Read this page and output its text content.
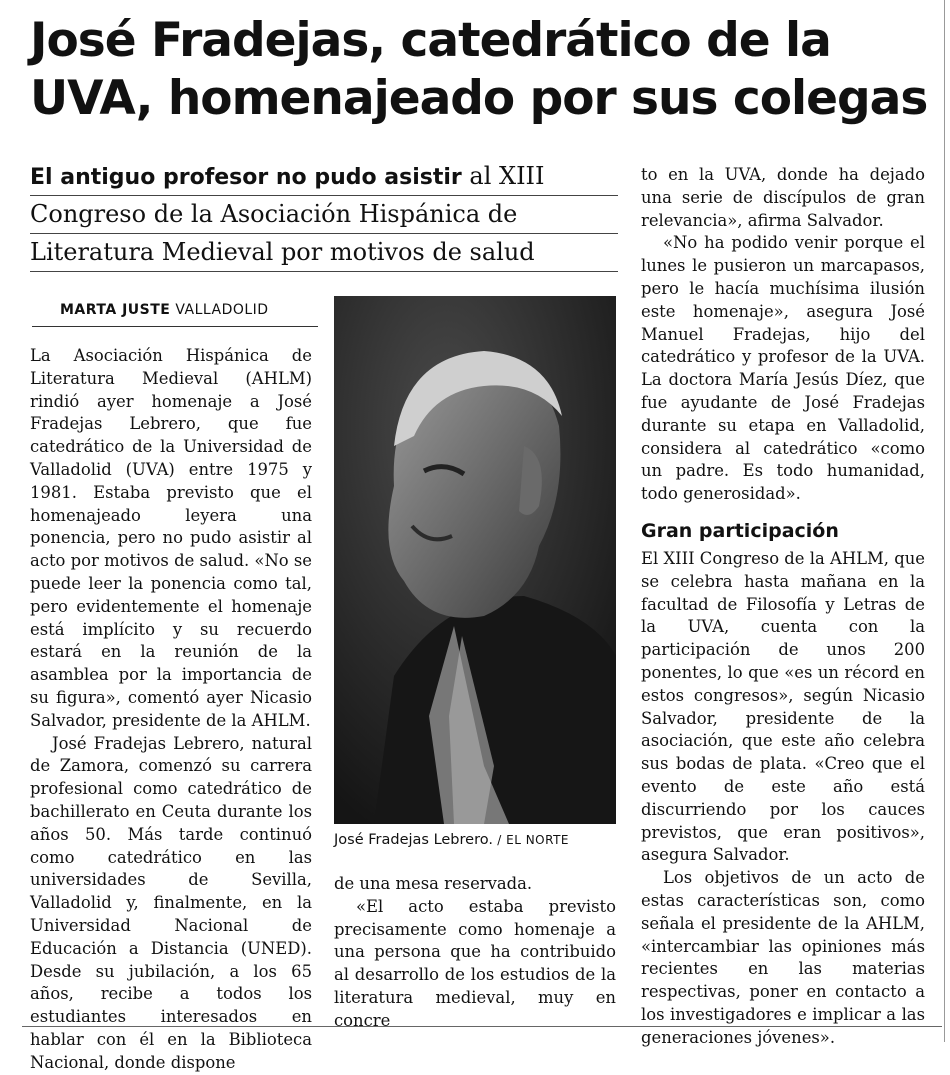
José Fradejas, catedrático de la UVA, homenajeado por sus colegas
El antiguo profesor no pudo asistir al XIII
Congreso de la Asociación Hispánica de
Literatura Medieval por motivos de salud
MARTA JUSTE VALLADOLID

La Asociación Hispánica de Literatura Medieval (AHLM) rindió ayer homenaje a José Fradejas Lebrero, que fue catedrático de la Universidad de Valladolid (UVA) entre 1975 y 1981. Estaba previsto que el homenajeado leyera una ponencia, pero no pudo asistir al acto por motivos de salud. «No se puede leer la ponencia como tal, pero evidentemente el homenaje está implícito y su recuerdo estará en la reunión de la asamblea por la importancia de su figura», comentó ayer Nicasio Salvador, presidente de la AHLM.

José Fradejas Lebrero, natural de Zamora, comenzó su carrera profesional como catedrático de bachillerato en Ceuta durante los años 50. Más tarde continuó como catedrático en las universidades de Sevilla, Valladolid y, finalmente, en la Universidad Nacional de Educación a Distancia (UNED). Desde su jubilación, a los 65 años, recibe a todos los estudiantes interesados en hablar con él en la Biblioteca Nacional, donde dispone

José Fradejas Lebrero. / EL NORTE

de una mesa reservada.

«El acto estaba previsto precisamente como homenaje a una persona que ha contribuido al desarrollo de los estudios de la literatura medieval, muy en concre

to en la UVA, donde ha dejado una serie de discípulos de gran relevancia», afirma Salvador.

«No ha podido venir porque el lunes le pusieron un marcapasos, pero le hacía muchísima ilusión este homenaje», asegura José Manuel Fradejas, hijo del catedrático y profesor de la UVA. La doctora María Jesús Díez, que fue ayudante de José Fradejas durante su etapa en Valladolid, considera al catedrático «como un padre. Es todo humanidad, todo generosidad».

Gran participación

El XIII Congreso de la AHLM, que se celebra hasta mañana en la facultad de Filosofía y Letras de la UVA, cuenta con la participación de unos 200 ponentes, lo que «es un récord en estos congresos», según Nicasio Salvador, presidente de la asociación, que este año celebra sus bodas de plata. «Creo que el evento de este año está discurriendo por los cauces previstos, que eran positivos», asegura Salvador.

Los objetivos de un acto de estas características son, como señala el presidente de la AHLM, «intercambiar las opiniones más recientes en las materias respectivas, poner en contacto a los investigadores e implicar a las generaciones jóvenes».
